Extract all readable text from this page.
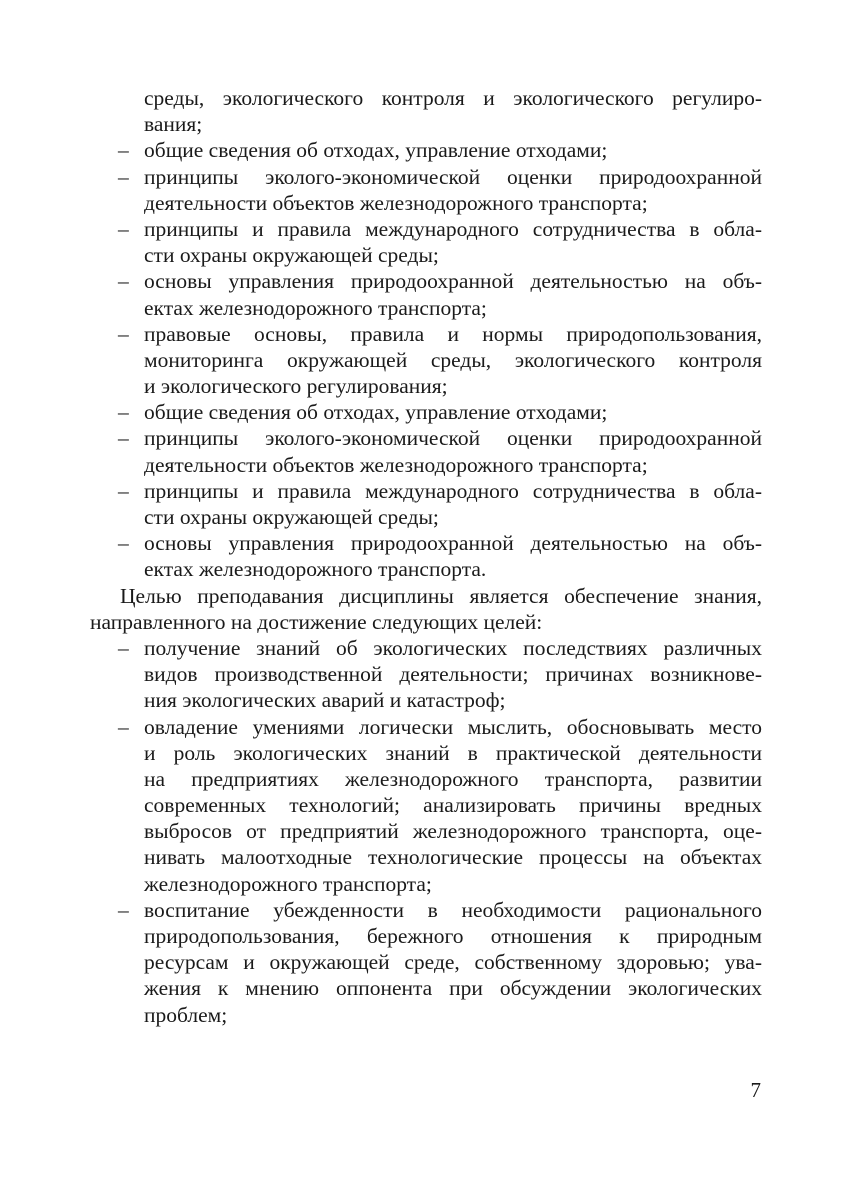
среды, экологического контроля и экологического регулиро-
вания;
– общие сведения об отходах, управление отходами;
– принципы эколого-экономической оценки природоохранной
деятельности объектов железнодорожного транспорта;
– принципы и правила международного сотрудничества в обла-
сти охраны окружающей среды;
– основы управления природоохранной деятельностью на объ-
ектах железнодорожного транспорта;
– правовые основы, правила и нормы природопользования,
мониторинга окружающей среды, экологического контроля
и экологического регулирования;
– общие сведения об отходах, управление отходами;
– принципы эколого-экономической оценки природоохранной
деятельности объектов железнодорожного транспорта;
– принципы и правила международного сотрудничества в обла-
сти охраны окружающей среды;
– основы управления природоохранной деятельностью на объ-
ектах железнодорожного транспорта.
Целью преподавания дисциплины является обеспечение знания,
направленного на достижение следующих целей:
– получение знаний об экологических последствиях различных
видов производственной деятельности; причинах возникнове-
ния экологических аварий и катастроф;
– овладение умениями логически мыслить, обосновывать место
и роль экологических знаний в практической деятельности
на предприятиях железнодорожного транспорта, развитии
современных технологий; анализировать причины вредных
выбросов от предприятий железнодорожного транспорта, оце-
нивать малоотходные технологические процессы на объектах
железнодорожного транспорта;
– воспитание убежденности в необходимости рационального
природопользования, бережного отношения к природным
ресурсам и окружающей среде, собственному здоровью; ува-
жения к мнению оппонента при обсуждении экологических
проблем;
7
